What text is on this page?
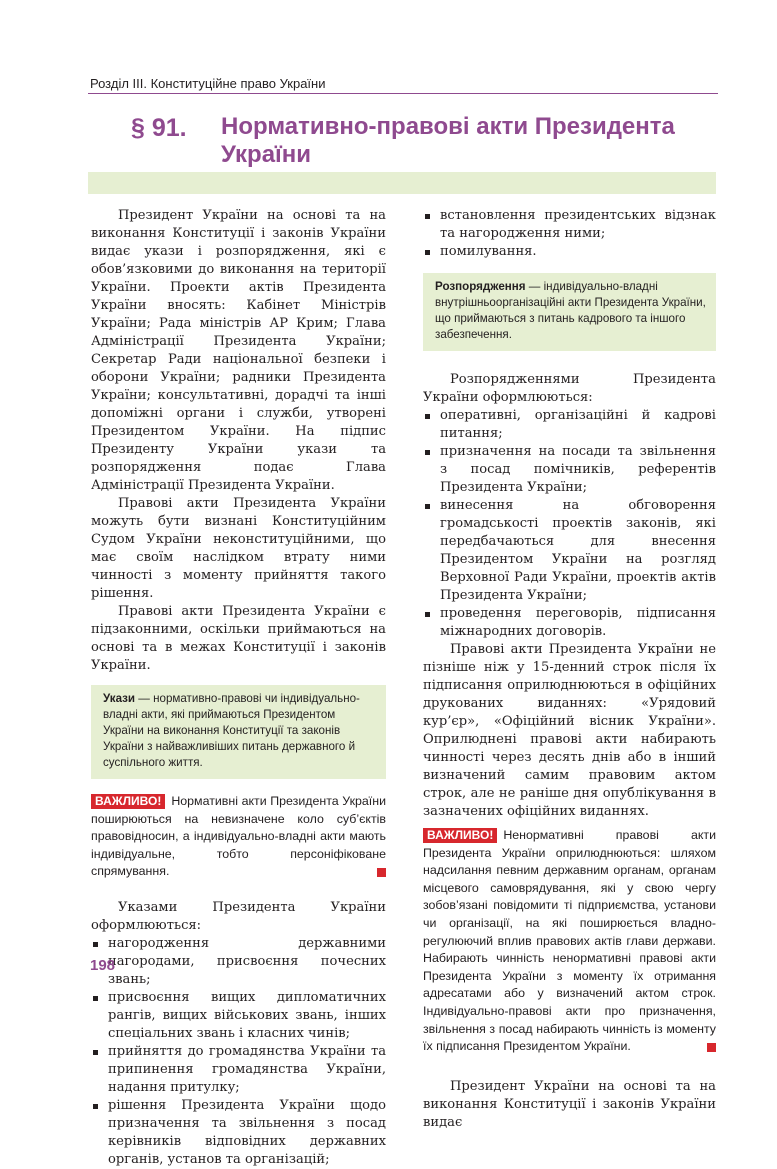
Розділ ІІІ. Конституційне право України
§ 91. Нормативно-правові акти Президента України

Президент України на основі та на виконання Конституції і законів України видає укази і розпорядження, які є обов’язковими до виконання на території України. Проекти актів Президента України вносять: Кабінет Міністрів України; Рада міністрів АР Крим; Глава Адміністрації Президента України; Секретар Ради національної безпеки і оборони України; радники Президента України; консультативні, дорадчі та інші допоміжні органи і служби, утворені Президентом України. На підпис Президенту України укази та розпорядження подає Глава Адміністрації Президента України.

Правові акти Президента України можуть бути визнані Конституційним Судом України неконституційними, що має своїм наслідком втрату ними чинності з моменту прийняття такого рішення.

Правові акти Президента України є підзаконними, оскільки приймаються на основі та в межах Конституції і законів України.

Укази — нормативно-правові чи індивідуально-владні акти, які приймаються Президентом України на виконання Конституції та законів України з найважливіших питань державного й суспільного життя.

ВАЖЛИВО! Нормативні акти Президента України поширюються на невизначене коло суб’єктів правовідносин, а індивідуально-владні акти мають індивідуальне, тобто персоніфіковане спрямування.

Указами Президента України оформлюються:

нагородження державними нагородами, присвоєння почесних звань;
присвоєння вищих дипломатичних рангів, вищих військових звань, інших спеціальних звань і класних чинів;
прийняття до громадянства України та припинення громадянства України, надання притулку;
рішення Президента України щодо призначення та звільнення з посад керівників відповідних державних органів, установ та організацій;
встановлення президентських відзнак та нагородження ними;
помилування.
Розпорядження — індивідуально-владні внутрішньоорганізаційні акти Президента України, що приймаються з питань кадрового та іншого забезпечення.

Розпорядженнями Президента України оформлюються:

оперативні, організаційні й кадрові питання;
призначення на посади та звільнення з посад помічників, референтів Президента України;
винесення на обговорення громадськості проектів законів, які передбачаються для внесення Президентом України на розгляд Верховної Ради України, проектів актів Президента України;
проведення переговорів, підписання міжнародних договорів.

Правові акти Президента України не пізніше ніж у 15-денний строк після їх підписання оприлюднюються в офіційних друкованих виданнях: «Урядовий кур’єр», «Офіційний вісник України». Оприлюднені правові акти набирають чинності через десять днів або в інший визначений самим правовим актом строк, але не раніше дня опублікування в зазначених офіційних виданнях.

ВАЖЛИВО! Ненормативні правові акти Президента України оприлюднюються: шляхом надсилання певним державним органам, органам місцевого самоврядування, які у свою чергу зобов’язані повідомити ті підприємства, установи чи організації, на які поширюється владно-регулюючий вплив правових актів глави держави. Набирають чинність ненормативні правові акти Президента України з моменту їх отримання адресатами або у визначений актом строк. Індивідуально-правові акти про призначення, звільнення з посад набирають чинність із моменту їх підписання Президентом України.

Президент України на основі та на виконання Конституції і законів України видає

198
